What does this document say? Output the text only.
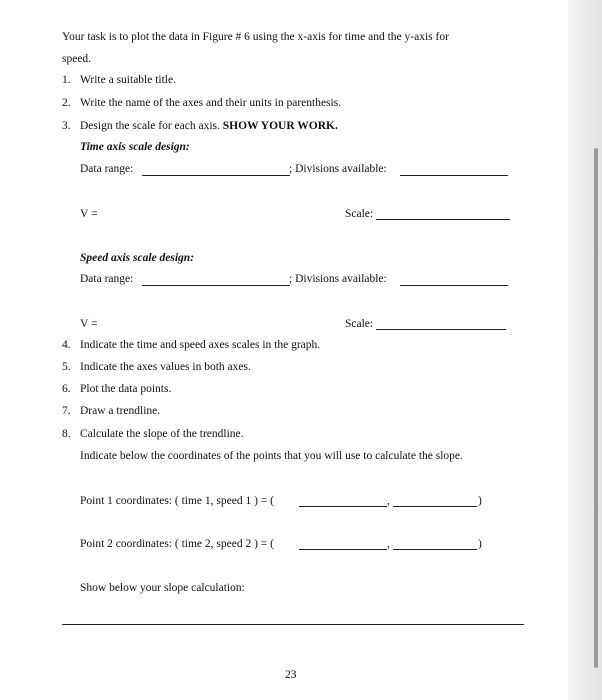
Your task is to plot the data in Figure # 6 using the x-axis for time and the y-axis for
speed.
1. Write a suitable title.
2. Write the name of the axes and their units in parenthesis.
3. Design the scale for each axis. SHOW YOUR WORK.
Time axis scale design:
Data range:	; Divisions available:
V =	Scale:
Speed axis scale design:
Data range:	; Divisions available:
V =	Scale:
4. Indicate the time and speed axes scales in the graph.
5. Indicate the axes values in both axes.
6. Plot the data points.
7. Draw a trendline.
8. Calculate the slope of the trendline.
Indicate below the coordinates of the points that you will use to calculate the slope.
Point 1 coordinates: ( time 1, speed 1 ) = (	,	)
Point 2 coordinates: ( time 2, speed 2 ) = (	,	)
Show below your slope calculation:
23
